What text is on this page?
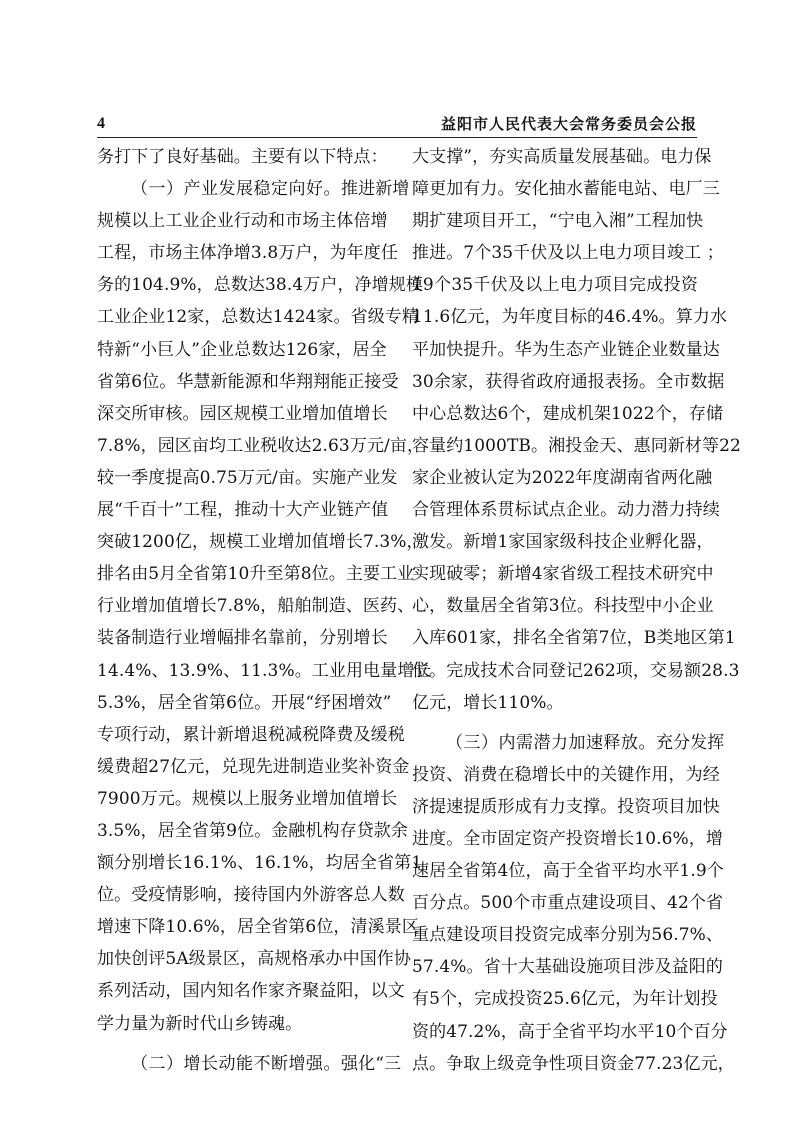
4	益阳市人民代表大会常务委员会公报
务打下了良好基础。主要有以下特点：
（一）产业发展稳定向好。推进新增
规模以上工业企业行动和市场主体倍增
工程，市场主体净增3.8万户，为年度任
务的104.9%，总数达38.4万户，净增规模
工业企业12家，总数达1424家。省级专精
特新“小巨人”企业总数达126家，居全
省第6位。华慧新能源和华翔翔能正接受
深交所审核。园区规模工业增加值增长
7.8%，园区亩均工业税收达2.63万元/亩，
较一季度提高0.75万元/亩。实施产业发
展“千百十”工程，推动十大产业链产值
突破1200亿，规模工业增加值增长7.3%，
排名由5月全省第10升至第8位。主要工业
行业增加值增长7.8%，船舶制造、医药、
装备制造行业增幅排名靠前，分别增长
14.4%、13.9%、11.3%。工业用电量增长
5.3%，居全省第6位。开展“纾困增效”
专项行动，累计新增退税减税降费及缓税
缓费超27亿元，兑现先进制造业奖补资金
7900万元。规模以上服务业增加值增长
3.5%，居全省第9位。金融机构存贷款余
额分别增长16.1%、16.1%，均居全省第1
位。受疫情影响，接待国内外游客总人数
增速下降10.6%，居全省第6位，清溪景区
加快创评5A级景区，高规格承办中国作协
系列活动，国内知名作家齐聚益阳，以文
学力量为新时代山乡铸魂。
（二）增长动能不断增强。强化“三
大支撑”，夯实高质量发展基础。电力保
障更加有力。安化抽水蓄能电站、电厂三
期扩建项目开工，“宁电入湘”工程加快
推进。7个35千伏及以上电力项目竣工 ；
19个35千伏及以上电力项目完成投资
11.6亿元，为年度目标的46.4%。算力水
平加快提升。华为生态产业链企业数量达
30余家，获得省政府通报表扬。全市数据
中心总数达6个，建成机架1022个，存储
容量约1000TB。湘投金天、惠同新材等22
家企业被认定为2022年度湖南省两化融
合管理体系贯标试点企业。动力潜力持续
激发。新增1家国家级科技企业孵化器，
实现破零；新增4家省级工程技术研究中
心，数量居全省第3位。科技型中小企业
入库601家，排名全省第7位，B类地区第1
位。完成技术合同登记262项，交易额28.3
亿元，增长110%。
（三）内需潜力加速释放。充分发挥
投资、消费在稳增长中的关键作用，为经
济提速提质形成有力支撑。投资项目加快
进度。全市固定资产投资增长10.6%，增
速居全省第4位，高于全省平均水平1.9个
百分点。500个市重点建设项目、42个省
重点建设项目投资完成率分别为56.7%、
57.4%。省十大基础设施项目涉及益阳的
有5个，完成投资25.6亿元，为年计划投
资的47.2%，高于全省平均水平10个百分
点。争取上级竞争性项目资金77.23亿元，
